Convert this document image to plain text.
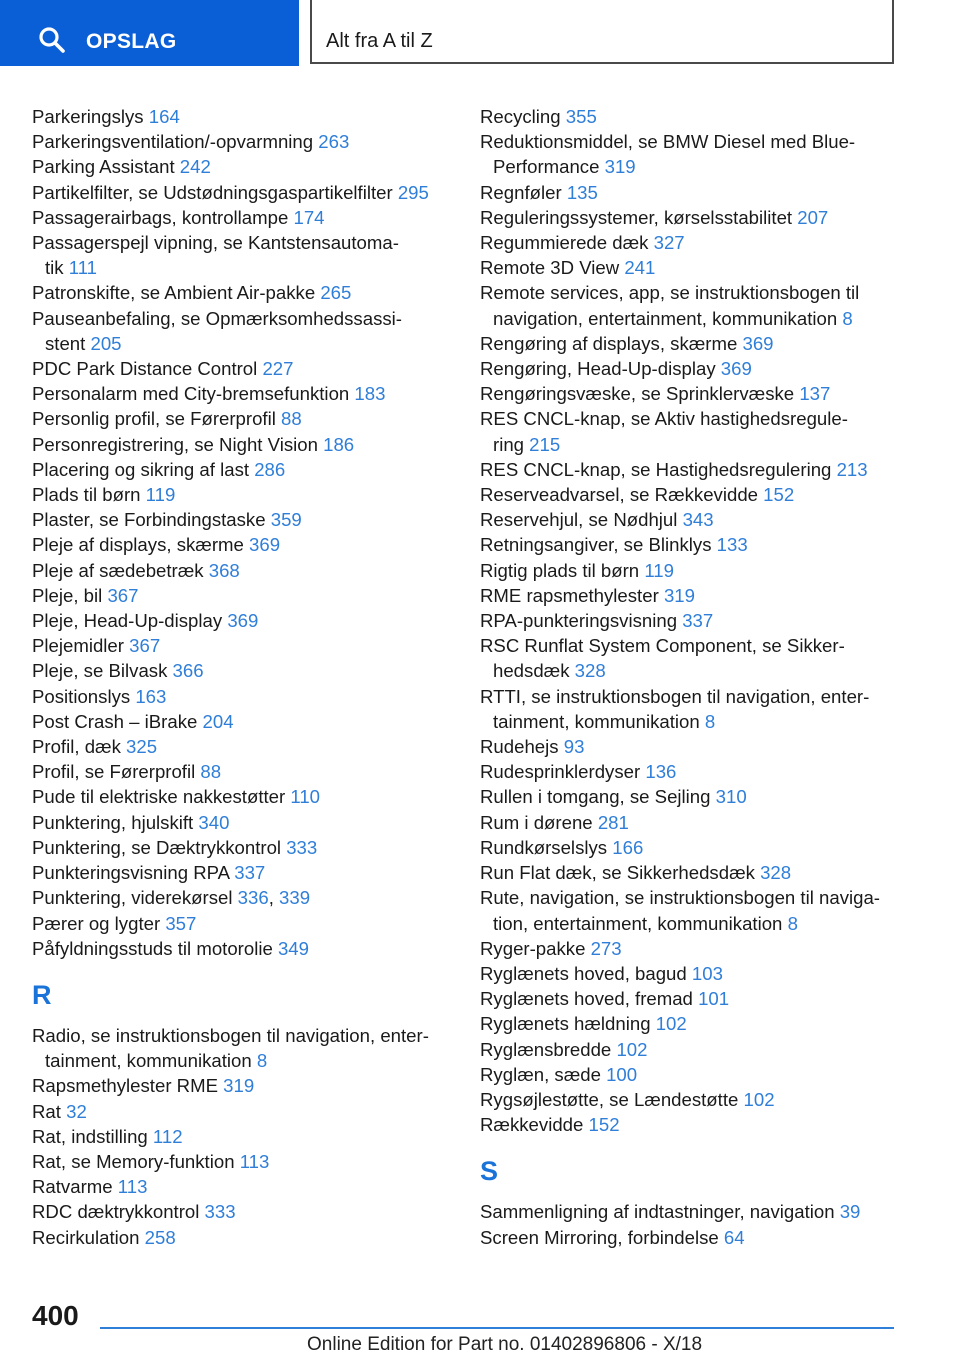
OPSLAG	Alt fra A til Z
Parkeringslys 164
Parkeringsventilation/-opvarmning 263
Parking Assistant 242
Partikelfilter, se Udstødningsgaspartikelfilter 295
Passagerairbags, kontrollampe 174
Passagerspejl vipning, se Kantstensautoma-
tik 111
Patronskifte, se Ambient Air-pakke 265
Pauseanbefaling, se Opmærksomhedssassi-
stent 205
PDC Park Distance Control 227
Personalarm med City-bremsefunktion 183
Personlig profil, se Førerprofil 88
Personregistrering, se Night Vision 186
Placering og sikring af last 286
Plads til børn 119
Plaster, se Forbindingstaske 359
Pleje af displays, skærme 369
Pleje af sædebetræk 368
Pleje, bil 367
Pleje, Head-Up-display 369
Plejemidler 367
Pleje, se Bilvask 366
Positionslys 163
Post Crash – iBrake 204
Profil, dæk 325
Profil, se Førerprofil 88
Pude til elektriske nakkestøtter 110
Punktering, hjulskift 340
Punktering, se Dæktrykkontrol 333
Punkteringsvisning RPA 337
Punktering, viderekørsel 336, 339
Pærer og lygter 357
Påfyldningsstuds til motorolie 349
R
Radio, se instruktionsbogen til navigation, enter-
tainment, kommunikation 8
Rapsmethylester RME 319
Rat 32
Rat, indstilling 112
Rat, se Memory-funktion 113
Ratvarme 113
RDC dæktrykkontrol 333
Recirkulation 258
Recycling 355
Reduktionsmiddel, se BMW Diesel med Blue-
Performance 319
Regnføler 135
Reguleringssystemer, kørselsstabilitet 207
Regummierede dæk 327
Remote 3D View 241
Remote services, app, se instruktionsbogen til
navigation, entertainment, kommunikation 8
Rengøring af displays, skærme 369
Rengøring, Head-Up-display 369
Rengøringsvæske, se Sprinklervæske 137
RES CNCL-knap, se Aktiv hastighedsregule-
ring 215
RES CNCL-knap, se Hastighedsregulering 213
Reserveadvarsel, se Rækkevidde 152
Reservehjul, se Nødhjul 343
Retningsangiver, se Blinklys 133
Rigtig plads til børn 119
RME rapsmethylester 319
RPA-punkteringsvisning 337
RSC Runflat System Component, se Sikker-
hedsdæk 328
RTTI, se instruktionsbogen til navigation, enter-
tainment, kommunikation 8
Rudehejs 93
Rudesprinklerdyser 136
Rullen i tomgang, se Sejling 310
Rum i dørene 281
Rundkørselslys 166
Run Flat dæk, se Sikkerhedsdæk 328
Rute, navigation, se instruktionsbogen til naviga-
tion, entertainment, kommunikation 8
Ryger-pakke 273
Ryglænets hoved, bagud 103
Ryglænets hoved, fremad 101
Ryglænets hældning 102
Ryglænsbredde 102
Ryglæn, sæde 100
Rygsøjlestøtte, se Lændestøtte 102
Rækkevidde 152
S
Sammenligning af indtastninger, navigation 39
Screen Mirroring, forbindelse 64
400
Online Edition for Part no. 01402896806 - X/18
